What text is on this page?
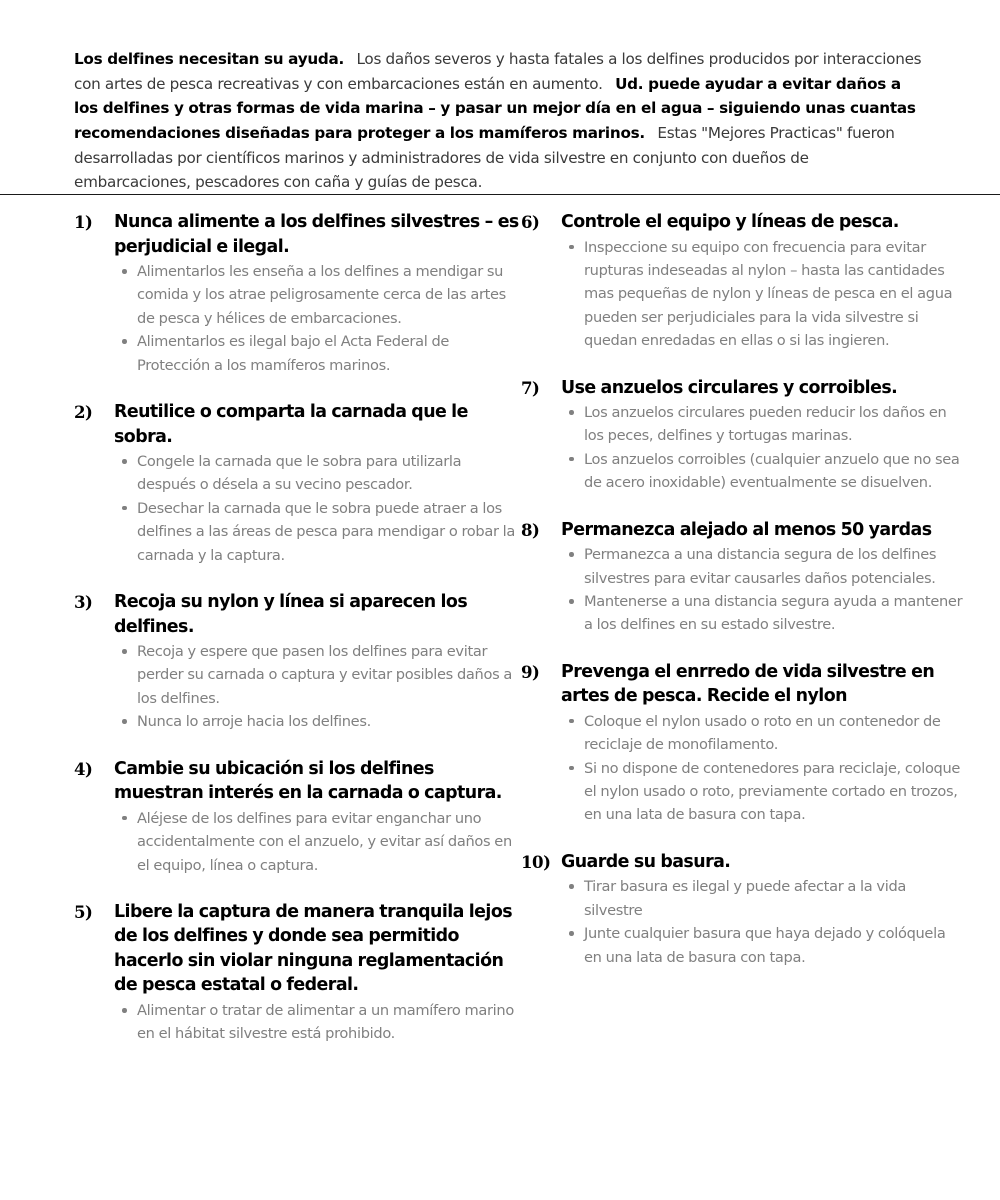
Los delfines necesitan su ayuda. Los daños severos y hasta fatales a los delfines producidos por interacciones con artes de pesca recreativas y con embarcaciones están en aumento. Ud. puede ayudar a evitar daños a los delfines y otras formas de vida marina – y pasar un mejor día en el agua – siguiendo unas cuantas recomendaciones diseñadas para proteger a los mamíferos marinos. Estas "Mejores Practicas" fueron desarrolladas por científicos marinos y administradores de vida silvestre en conjunto con dueños de embarcaciones, pescadores con caña y guías de pesca.

1)	Nunca alimente a los delfines silvestres – es perjudicial e ilegal.
Alimentarlos les enseña a los delfines a mendigar su comida y los atrae peligrosamente cerca de las artes de pesca y hélices de embarcaciones.
Alimentarlos es ilegal bajo el Acta Federal de Protección a los mamíferos marinos.
2)	Reutilice o comparta la carnada que le sobra.
Congele la carnada que le sobra para utilizarla después o désela a su vecino pescador.
Desechar la carnada que le sobra puede atraer a los delfines a las áreas de pesca para mendigar o robar la carnada y la captura.
3)	Recoja su nylon y línea si aparecen los delfines.
Recoja y espere que pasen los delfines para evitar perder su carnada o captura y evitar posibles daños a los delfines.
Nunca lo arroje hacia los delfines.
4)	Cambie su ubicación si los delfines muestran interés en la carnada o captura.
Aléjese de los delfines para evitar enganchar uno accidentalmente con el anzuelo, y evitar así daños en el equipo, línea o captura.
5)	Libere la captura de manera tranquila lejos de los delfines y donde sea permitido hacerlo sin violar ninguna reglamentación de pesca estatal o federal.
Alimentar o tratar de alimentar a un mamífero marino en el hábitat silvestre está prohibido.
6)	Controle el equipo y líneas de pesca.
Inspeccione su equipo con frecuencia para evitar rupturas indeseadas al nylon – hasta las cantidades mas pequeñas de nylon y líneas de pesca en el agua pueden ser perjudiciales para la vida silvestre si quedan enredadas en ellas o si las ingieren.
7)	Use anzuelos circulares y corroibles.
Los anzuelos circulares pueden reducir los daños en los peces, delfines y tortugas marinas.
Los anzuelos corroibles (cualquier anzuelo que no sea de acero inoxidable) eventualmente se disuelven.
8)	Permanezca alejado al menos 50 yardas
Permanezca a una distancia segura de los delfines silvestres para evitar causarles daños potenciales.
Mantenerse a una distancia segura ayuda a mantener a los delfines en su estado silvestre.
9)	Prevenga el enrredo de vida silvestre en artes de pesca. Recide el nylon
Coloque el nylon usado o roto en un contenedor de reciclaje de monofilamento.
Si no dispone de contenedores para reciclaje, coloque el nylon usado o roto, previamente cortado en trozos, en una lata de basura con tapa.
10) Guarde su basura.
Tirar basura es ilegal y puede afectar a la vida silvestre
Junte cualquier basura que haya dejado y colóquela en una lata de basura con tapa.
